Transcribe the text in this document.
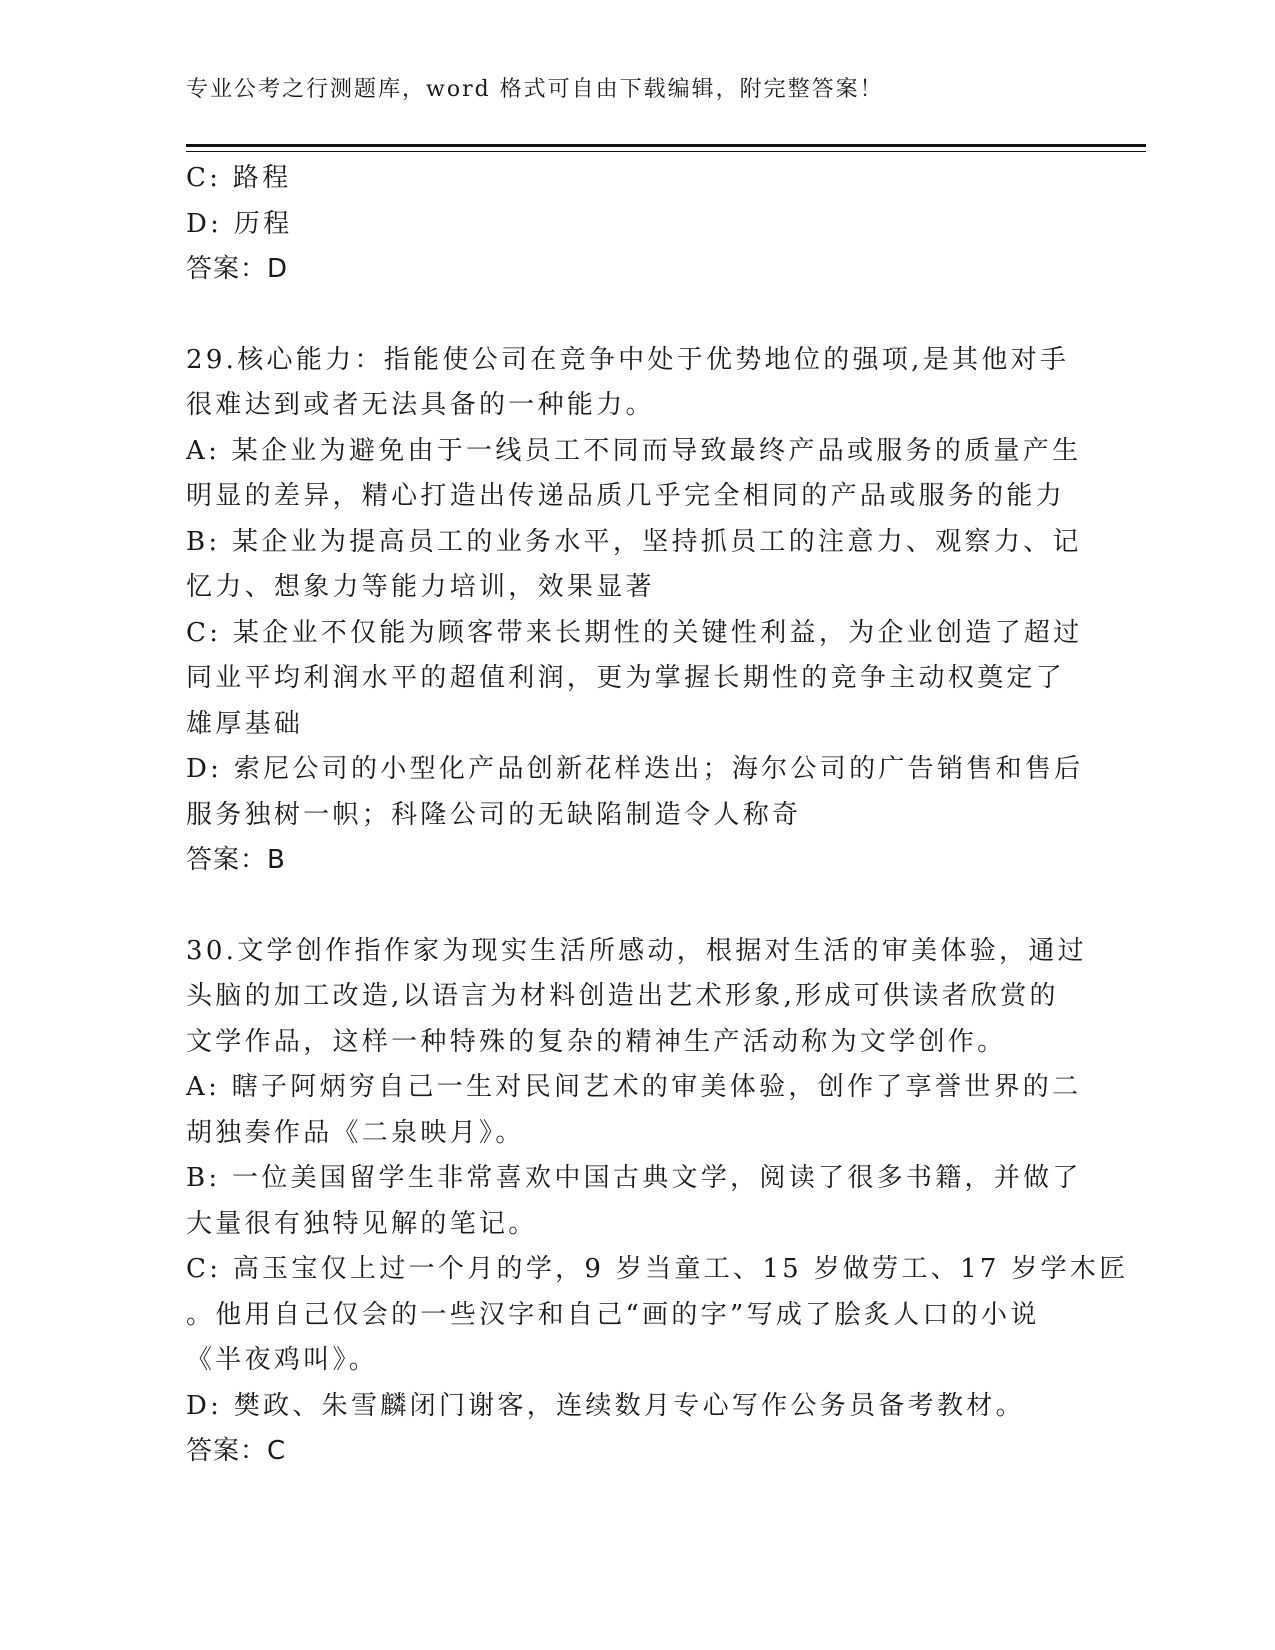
专业公考之行测题库，word 格式可自由下载编辑，附完整答案！

C: 路程

D: 历程

答案：D

29.核心能力：指能使公司在竞争中处于优势地位的强项,是其他对手

很难达到或者无法具备的一种能力。

A: 某企业为避免由于一线员工不同而导致最终产品或服务的质量产生

明显的差异，精心打造出传递品质几乎完全相同的产品或服务的能力

B: 某企业为提高员工的业务水平，坚持抓员工的注意力、观察力、记

忆力、想象力等能力培训，效果显著

C: 某企业不仅能为顾客带来长期性的关键性利益，为企业创造了超过

同业平均利润水平的超值利润，更为掌握长期性的竞争主动权奠定了

雄厚基础

D: 索尼公司的小型化产品创新花样迭出；海尔公司的广告销售和售后

服务独树一帜；科隆公司的无缺陷制造令人称奇

答案：B

30.文学创作指作家为现实生活所感动，根据对生活的审美体验，通过

头脑的加工改造,以语言为材料创造出艺术形象,形成可供读者欣赏的

文学作品，这样一种特殊的复杂的精神生产活动称为文学创作。

A: 瞎子阿炳穷自己一生对民间艺术的审美体验，创作了享誉世界的二

胡独奏作品《二泉映月》。

B: 一位美国留学生非常喜欢中国古典文学，阅读了很多书籍，并做了

大量很有独特见解的笔记。

C: 高玉宝仅上过一个月的学，9 岁当童工、15 岁做劳工、17 岁学木匠

。他用自己仅会的一些汉字和自己“画的字”写成了脍炙人口的小说

《半夜鸡叫》。

D: 樊政、朱雪麟闭门谢客，连续数月专心写作公务员备考教材。

答案：C
